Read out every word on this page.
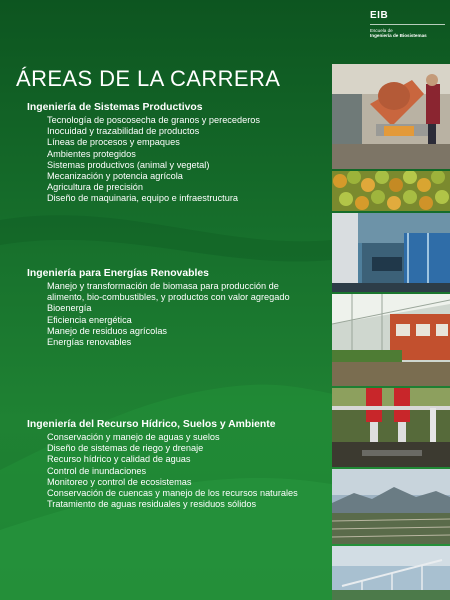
EIB
Escuela de
Ingeniería de Biosistemas
ÁREAS DE LA CARRERA
Ingeniería de Sistemas Productivos
Tecnología de poscosecha de granos y perecederos
Inocuidad y trazabilidad de productos
Líneas de procesos y empaques
Ambientes protegidos
Sistemas productivos (animal y vegetal)
Mecanización y potencia agrícola
Agricultura de precisión
Diseño de maquinaria, equipo e infraestructura
Ingeniería para Energías Renovables
Manejo y transformación de biomasa para producción de
alimento, bio-combustibles, y productos con valor agregado
Bioenergía
Eficiencia energética
Manejo de residuos agrícolas
Energías renovables
Ingeniería del Recurso Hídrico, Suelos y Ambiente
Conservación y manejo de aguas y suelos
Diseño de sistemas de riego y drenaje
Recurso hídrico y calidad de aguas
Control de inundaciones
Monitoreo y control de ecosistemas
Conservación de cuencas y manejo de los recursos naturales
Tratamiento de aguas residuales y residuos sólidos
